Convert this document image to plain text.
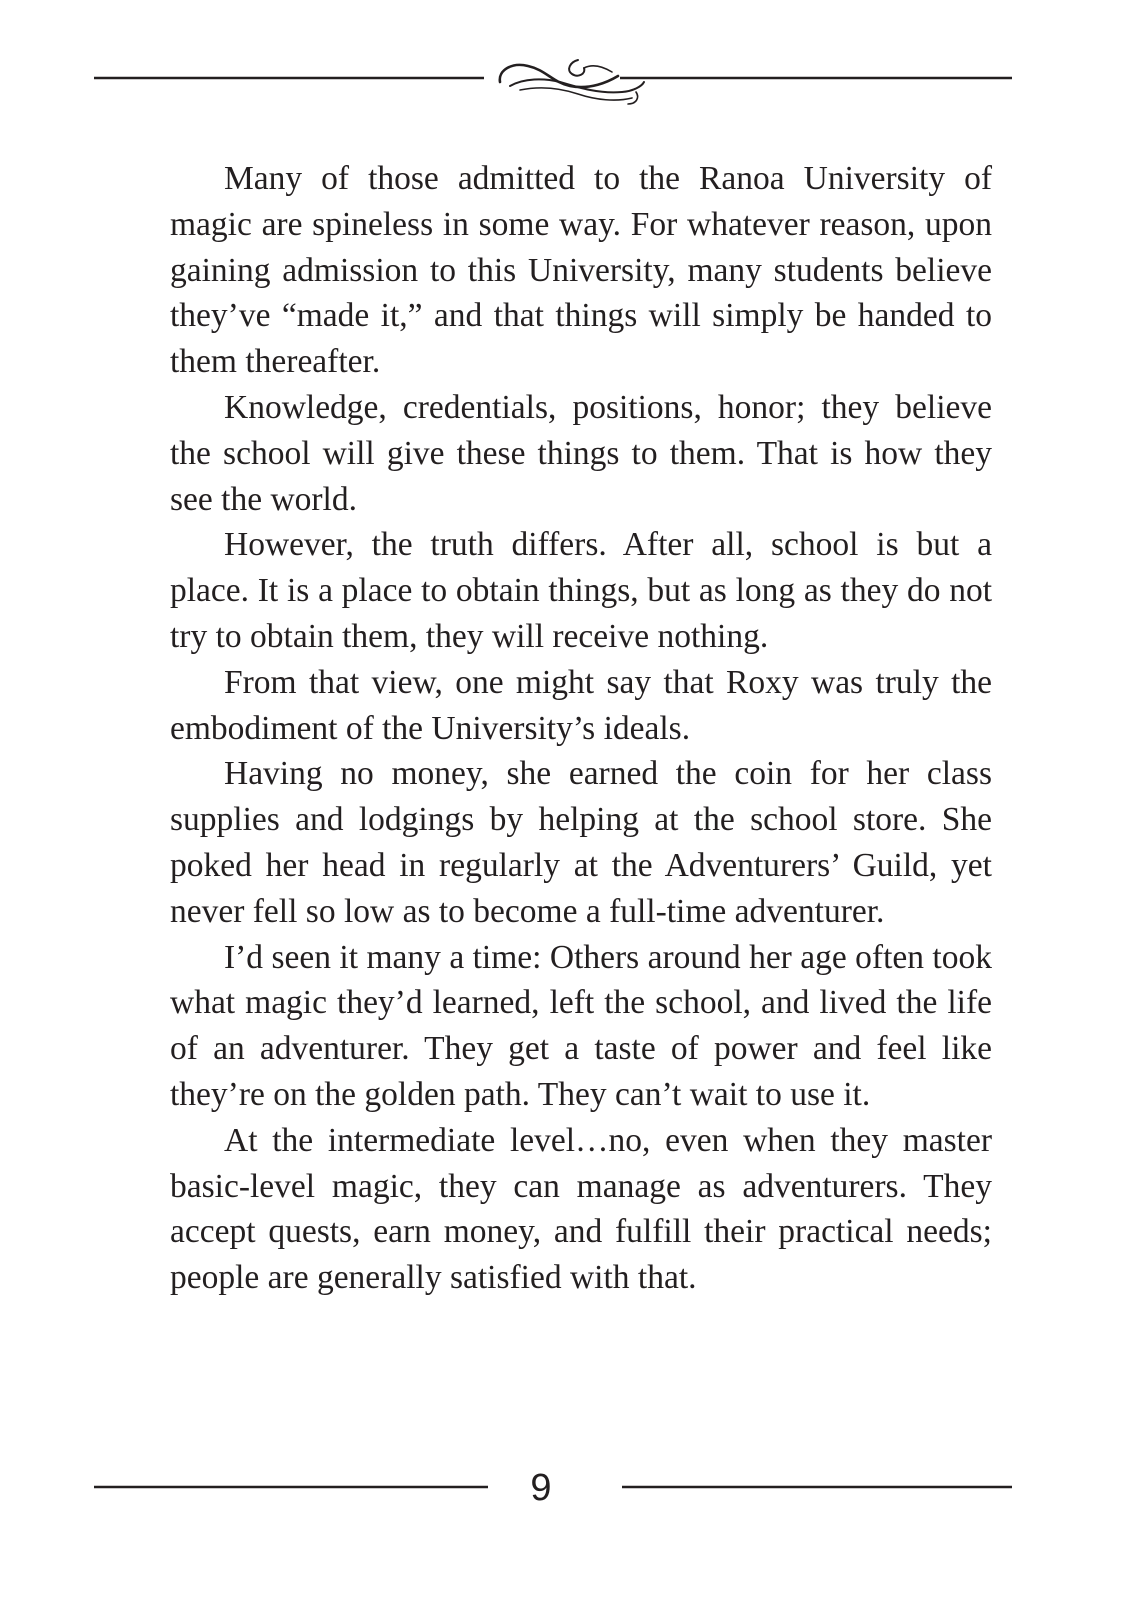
Many of those admitted to the Ranoa University of magic are spineless in some way. For whatever reason, upon gaining admission to this University, many students believe they’ve “made it,” and that things will simply be handed to them thereafter.

Knowledge, credentials, positions, honor; they believe the school will give these things to them. That is how they see the world.

However, the truth differs. After all, school is but a place. It is a place to obtain things, but as long as they do not try to obtain them, they will receive nothing.

From that view, one might say that Roxy was truly the embodiment of the University’s ideals.

Having no money, she earned the coin for her class supplies and lodgings by helping at the school store. She poked her head in regularly at the Adventurers’ Guild, yet never fell so low as to become a full-time adventurer.

I’d seen it many a time: Others around her age often took what magic they’d learned, left the school, and lived the life of an adventurer. They get a taste of power and feel like they’re on the golden path. They can’t wait to use it.

At the intermediate level…no, even when they master basic-level magic, they can manage as adventurers. They accept quests, earn money, and fulfill their practical needs; people are generally satisfied with that.

9
